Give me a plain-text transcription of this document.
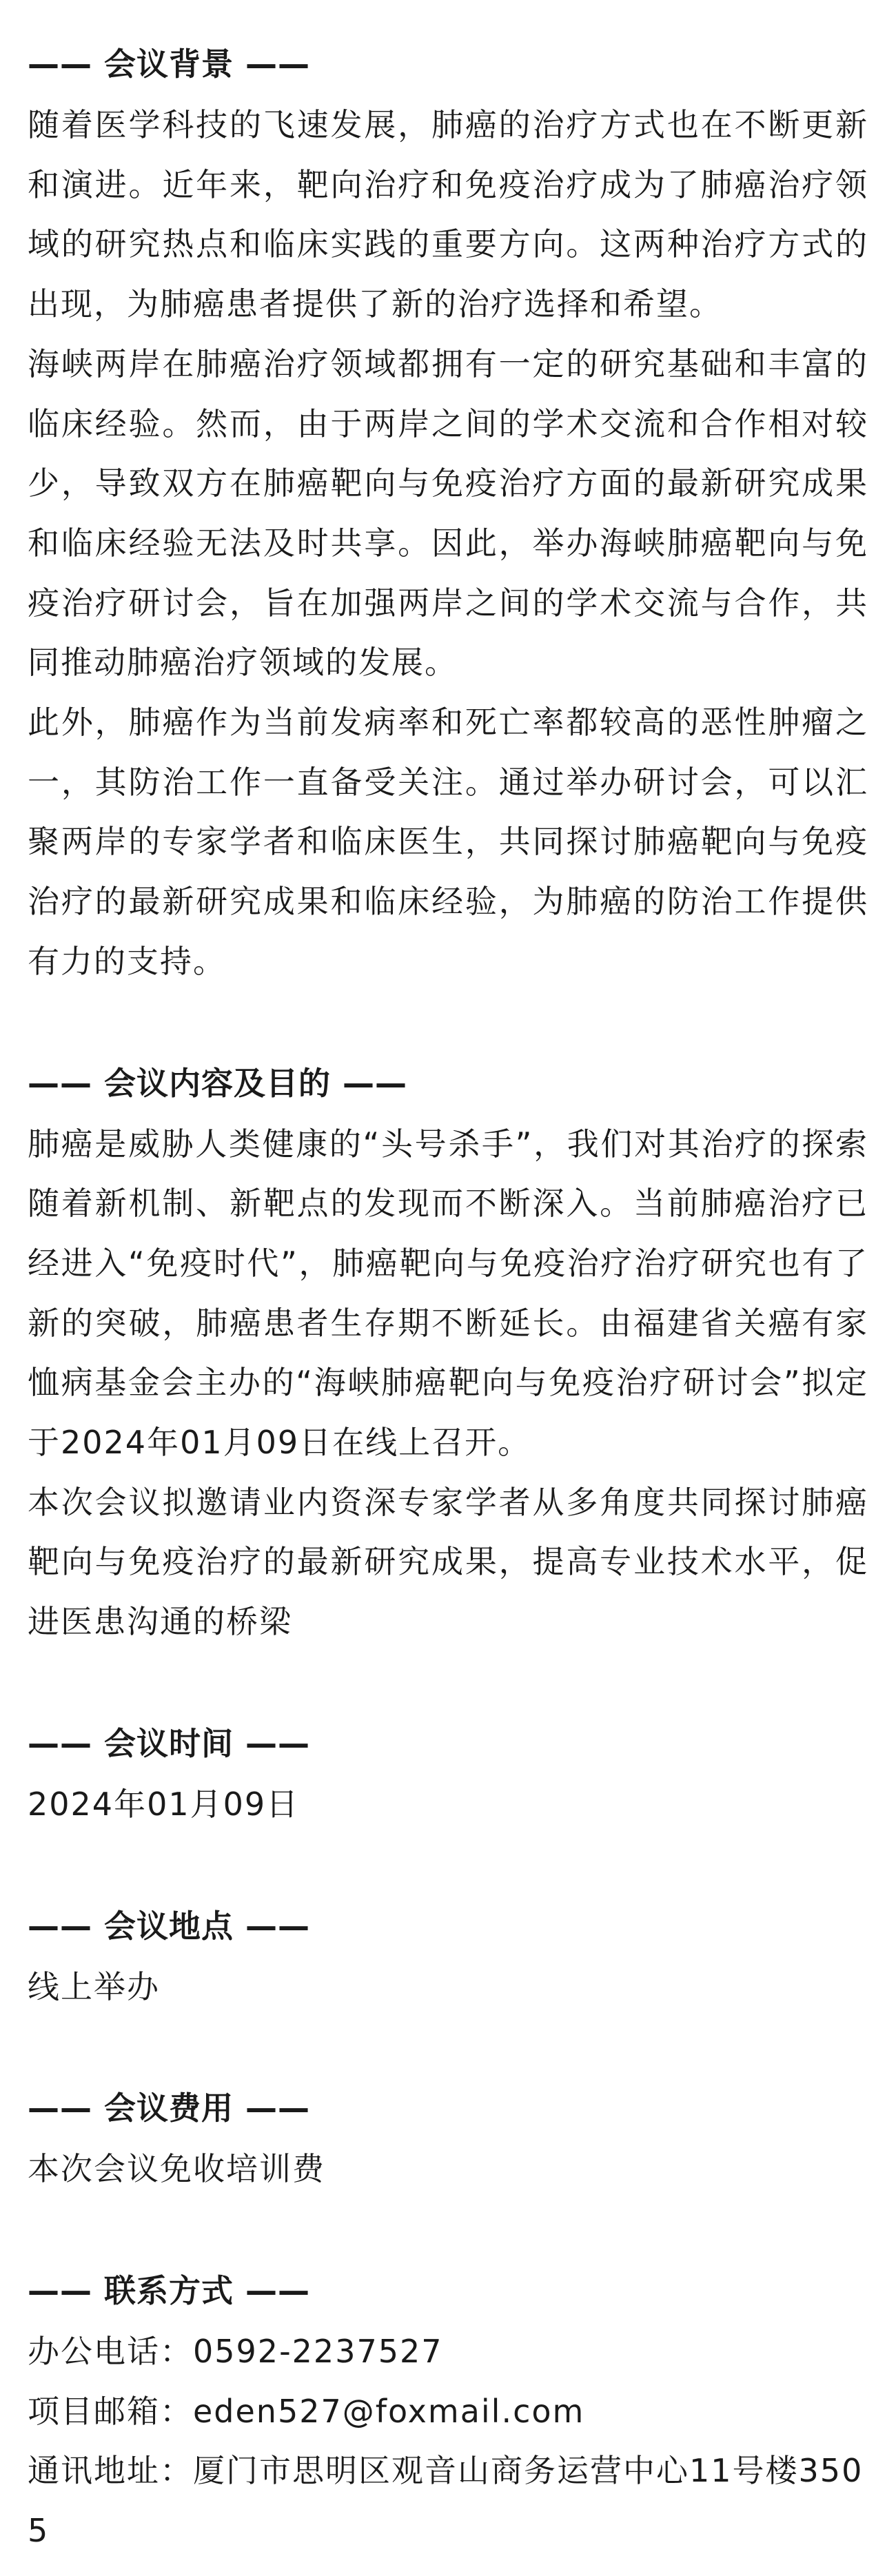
—— 会议背景 ——

随着医学科技的飞速发展，肺癌的治疗方式也在不断更新和演进。近年来，靶向治疗和免疫治疗成为了肺癌治疗领域的研究热点和临床实践的重要方向。这两种治疗方式的出现，为肺癌患者提供了新的治疗选择和希望。

海峡两岸在肺癌治疗领域都拥有一定的研究基础和丰富的临床经验。然而，由于两岸之间的学术交流和合作相对较少，导致双方在肺癌靶向与免疫治疗方面的最新研究成果和临床经验无法及时共享。因此，举办海峡肺癌靶向与免疫治疗研讨会，旨在加强两岸之间的学术交流与合作，共同推动肺癌治疗领域的发展。

此外，肺癌作为当前发病率和死亡率都较高的恶性肿瘤之一，其防治工作一直备受关注。通过举办研讨会，可以汇聚两岸的专家学者和临床医生，共同探讨肺癌靶向与免疫治疗的最新研究成果和临床经验，为肺癌的防治工作提供有力的支持。

—— 会议内容及目的 ——

肺癌是威胁人类健康的“头号杀手”，我们对其治疗的探索随着新机制、新靶点的发现而不断深入。当前肺癌治疗已经进入“免疫时代”，肺癌靶向与免疫治疗治疗研究也有了新的突破，肺癌患者生存期不断延长。由福建省关癌有家恤病基金会主办的“海峡肺癌靶向与免疫治疗研讨会”拟定于2024年01月09日在线上召开。

本次会议拟邀请业内资深专家学者从多角度共同探讨肺癌靶向与免疫治疗的最新研究成果，提高专业技术水平，促进医患沟通的桥梁

—— 会议时间 ——

2024年01月09日

—— 会议地点 ——

线上举办

—— 会议费用 ——

本次会议免收培训费

—— 联系方式 ——

办公电话：0592-2237527

项目邮箱：eden527@foxmail.com

通讯地址：厦门市思明区观音山商务运营中心11号楼3505
